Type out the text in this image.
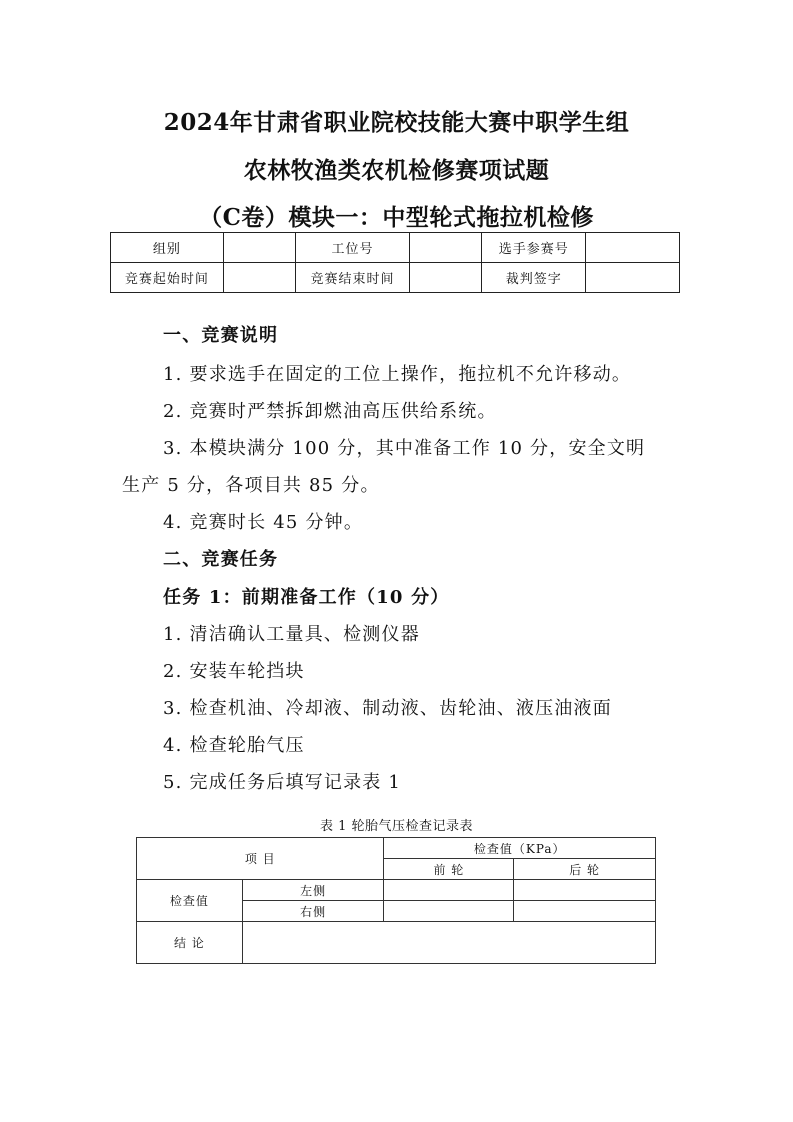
2024年甘肃省职业院校技能大赛中职学生组
农林牧渔类农机检修赛项试题
（C卷）模块一：中型轮式拖拉机检修
组别		工位号		选手参赛号	
竞赛起始时间		竞赛结束时间		裁判签字	
一、竞赛说明
1. 要求选手在固定的工位上操作，拖拉机不允许移动。
2. 竞赛时严禁拆卸燃油高压供给系统。
3. 本模块满分 100 分，其中准备工作 10 分，安全文明
生产 5 分，各项目共 85 分。
4. 竞赛时长 45 分钟。
二、竞赛任务
任务 1：前期准备工作（10 分）
1. 清洁确认工量具、检测仪器
2. 安装车轮挡块
3. 检查机油、冷却液、制动液、齿轮油、液压油液面
4. 检查轮胎气压
5. 完成任务后填写记录表 1
表 1 轮胎气压检查记录表
项 目		检查值（KPa）	
		前 轮	后 轮
检查值	左侧		
	右侧		
结 论			
